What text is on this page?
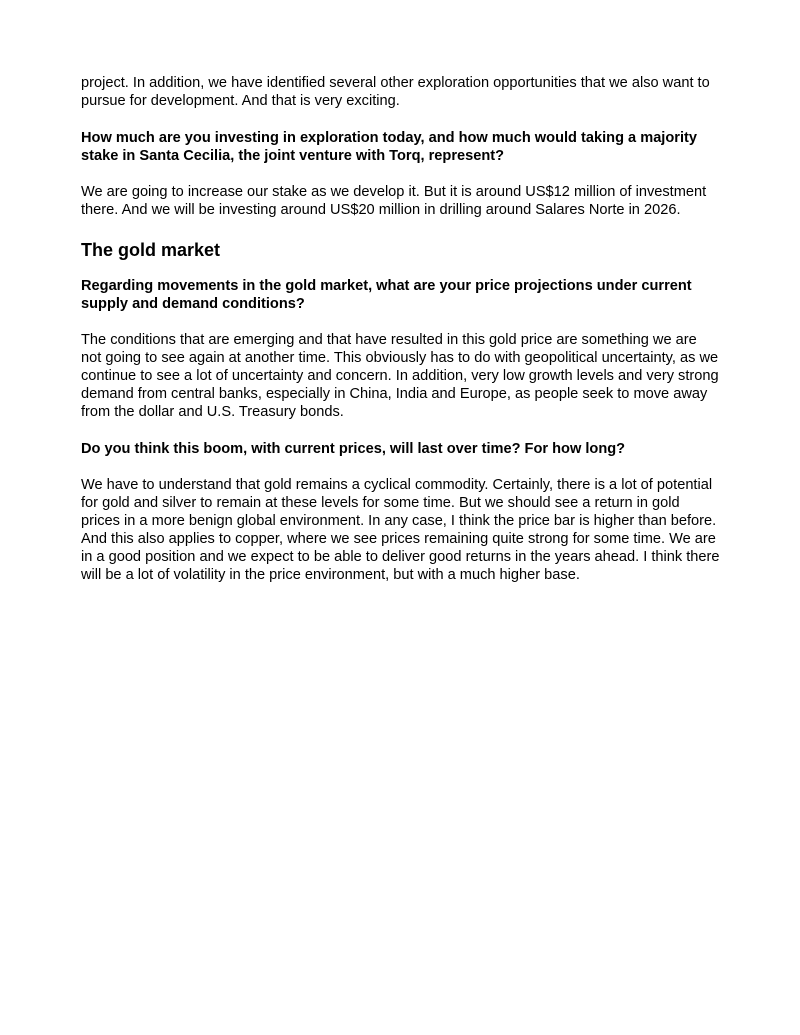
project. In addition, we have identified several other exploration opportunities that we also want to pursue for development. And that is very exciting.

How much are you investing in exploration today, and how much would taking a majority stake in Santa Cecilia, the joint venture with Torq, represent?

We are going to increase our stake as we develop it. But it is around US$12 million of investment there. And we will be investing around US$20 million in drilling around Salares Norte in 2026.

The gold market

Regarding movements in the gold market, what are your price projections under current supply and demand conditions?

The conditions that are emerging and that have resulted in this gold price are something we are not going to see again at another time. This obviously has to do with geopolitical uncertainty, as we continue to see a lot of uncertainty and concern. In addition, very low growth levels and very strong demand from central banks, especially in China, India and Europe, as people seek to move away from the dollar and U.S. Treasury bonds.

Do you think this boom, with current prices, will last over time? For how long?

We have to understand that gold remains a cyclical commodity. Certainly, there is a lot of potential for gold and silver to remain at these levels for some time. But we should see a return in gold prices in a more benign global environment. In any case, I think the price bar is higher than before. And this also applies to copper, where we see prices remaining quite strong for some time. We are in a good position and we expect to be able to deliver good returns in the years ahead. I think there will be a lot of volatility in the price environment, but with a much higher base.
